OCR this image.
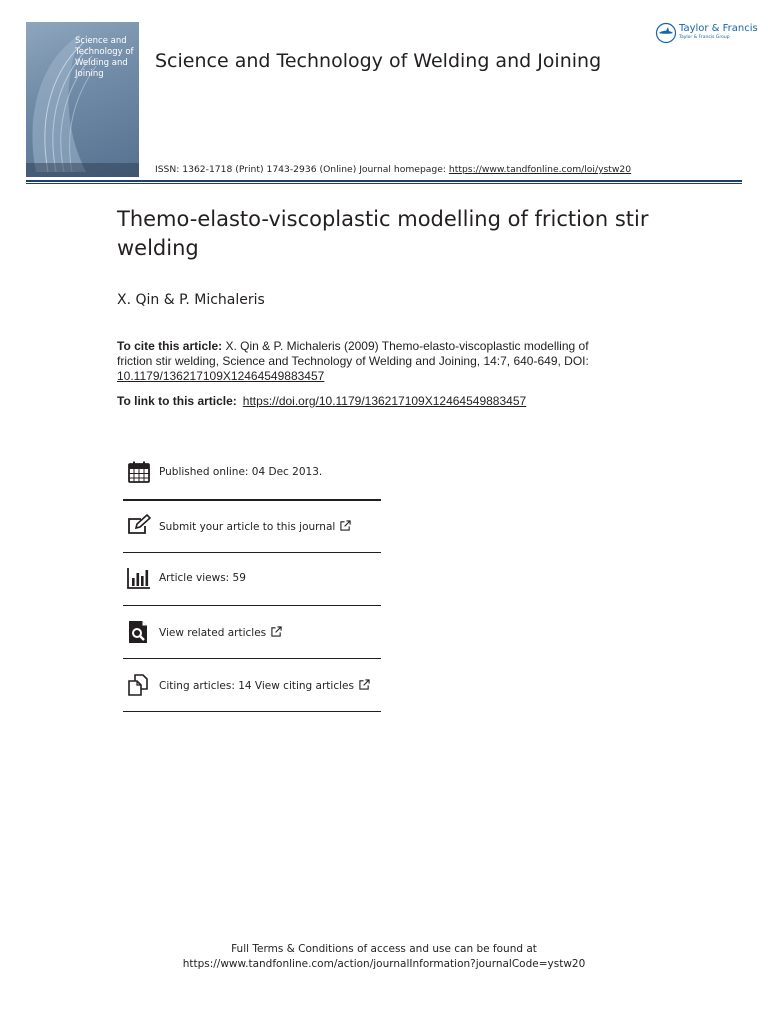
Science and Technology of Welding and Joining
Science and Technology of Welding and Joining
ISSN: 1362-1718 (Print) 1743-2936 (Online) Journal homepage: https://www.tandfonline.com/loi/ystw20
Taylor & Francis
Taylor & Francis Group
Themo-elasto-viscoplastic modelling of friction stir welding
X. Qin & P. Michaleris
To cite this article: X. Qin & P. Michaleris (2009) Themo-elasto-viscoplastic modelling of friction stir welding, Science and Technology of Welding and Joining, 14:7, 640-649, DOI: 10.1179/136217109X12464549883457
To link to this article: https://doi.org/10.1179/136217109X12464549883457
Published online: 04 Dec 2013.
Submit your article to this journal
Article views: 59
View related articles
Citing articles: 14 View citing articles
Full Terms & Conditions of access and use can be found at
https://www.tandfonline.com/action/journalInformation?journalCode=ystw20
